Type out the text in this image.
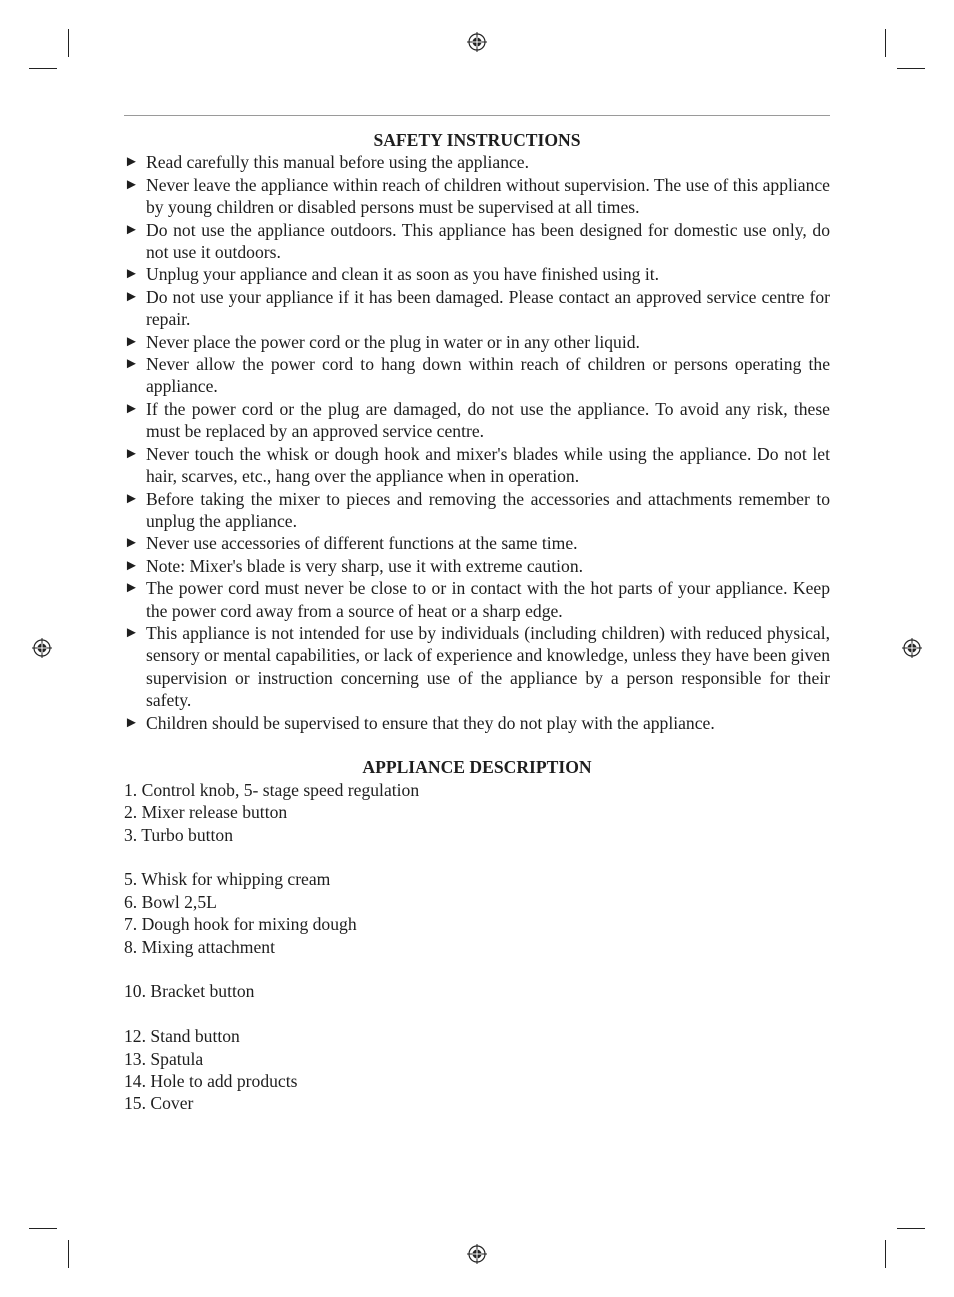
SAFETY INSTRUCTIONS
► Read carefully this manual before using the appliance.
► Never leave the appliance within reach of children without supervision. The use of this appliance by young children or disabled persons must be supervised at all times.
► Do not use the appliance outdoors. This appliance has been designed for domestic use only, do not use it outdoors.
► Unplug your appliance and clean it as soon as you have finished using it.
► Do not use your appliance if it has been damaged. Please contact an approved service centre for repair.
► Never place the power cord or the plug in water or in any other liquid.
► Never allow the power cord to hang down within reach of children or persons operating the appliance.
► If the power cord or the plug are damaged, do not use the appliance. To avoid any risk, these must be replaced by an approved service centre.
► Never touch the whisk or dough hook and mixer's blades while using the appliance. Do not let hair, scarves, etc., hang over the appliance when in operation.
► Before taking the mixer to pieces and removing the accessories and attachments remember to unplug the appliance.
► Never use accessories of different functions at the same time.
► Note: Mixer's blade is very sharp, use it with extreme caution.
► The power cord must never be close to or in contact with the hot parts of your appliance. Keep the power cord away from a source of heat or a sharp edge.
► This appliance is not intended for use by individuals (including children) with reduced physical, sensory or mental capabilities, or lack of experience and knowledge, unless they have been given supervision or instruction concerning use of the appliance by a person responsible for their safety.
► Children should be supervised to ensure that they do not play with the appliance.
APPLIANCE DESCRIPTION
1. Control knob, 5- stage speed regulation
2. Mixer release button
3. Turbo button
5. Whisk for whipping cream
6. Bowl 2,5L
7. Dough hook for mixing dough
8. Mixing attachment
10. Bracket button
12. Stand button
13. Spatula
14. Hole to add products
15. Cover
